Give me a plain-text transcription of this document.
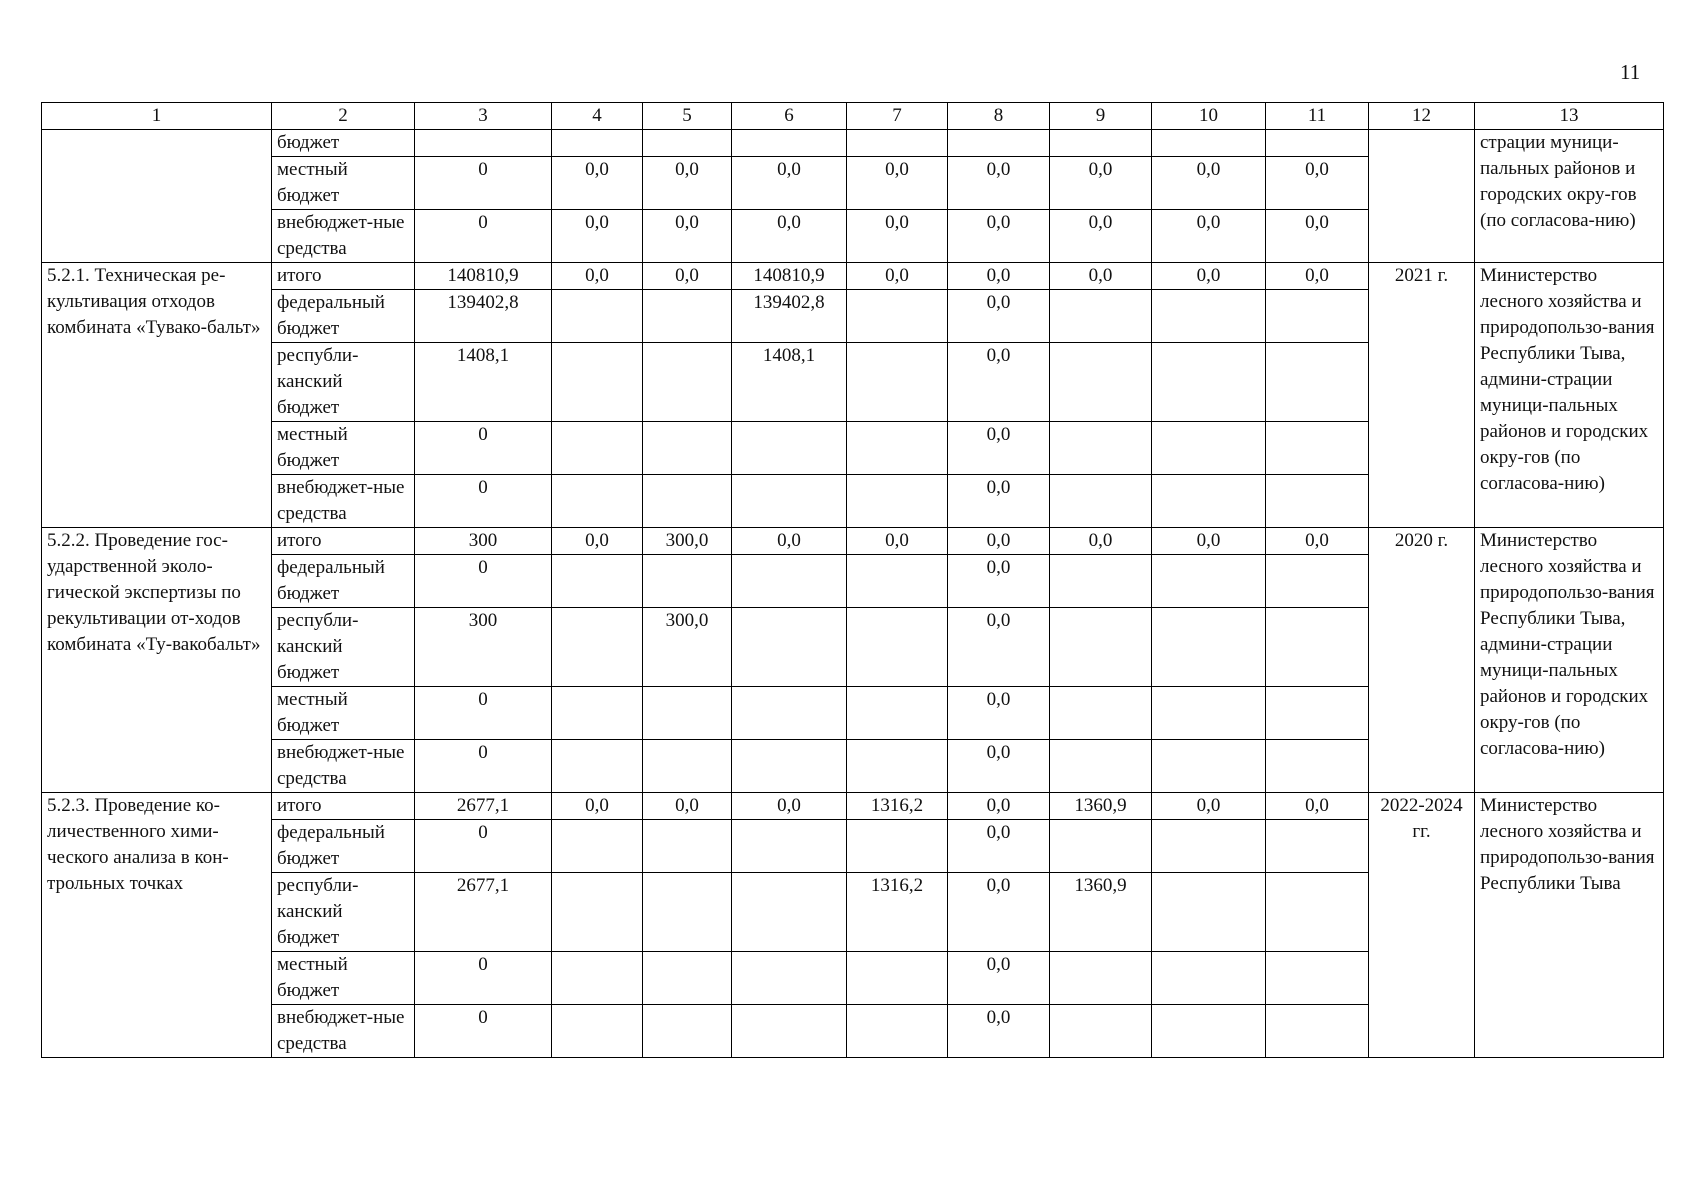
11
1	2	3	4	5	6	7	8	9	10	11	12	13
	бюджет											страции муници-пальных районов и городских окру-гов (по согласова-нию)
	местный бюджет	0	0,0	0,0	0,0	0,0	0,0	0,0	0,0	0,0		
	внебюджет-ные средства	0	0,0	0,0	0,0	0,0	0,0	0,0	0,0	0,0		
5.2.1. Техническая ре-культивация отходов комбината «Тувако-бальт»	итого	140810,9	0,0	0,0	140810,9	0,0	0,0	0,0	0,0	0,0	2021 г.	Министерство лесного хозяйства и природопользо-вания Республики Тыва, админи-страции муници-пальных районов и городских окру-гов (по согласова-нию)
	федеральный бюджет	139402,8			139402,8		0,0					
	республи-канский бюджет	1408,1			1408,1		0,0					
	местный бюджет	0					0,0					
	внебюджет-ные средства	0					0,0					
5.2.2. Проведение гос-ударственной эколо-гической экспертизы по рекультивации от-ходов комбината «Ту-вакобальт»	итого	300	0,0	300,0	0,0	0,0	0,0	0,0	0,0	0,0	2020 г.	Министерство лесного хозяйства и природопользо-вания Республики Тыва, админи-страции муници-пальных районов и городских окру-гов (по согласова-нию)
	федеральный бюджет	0					0,0					
	республи-канский бюджет	300		300,0			0,0					
	местный бюджет	0					0,0					
	внебюджет-ные средства	0					0,0					
5.2.3. Проведение ко-личественного хими-ческого анализа в кон-трольных точках	итого	2677,1	0,0	0,0	0,0	1316,2	0,0	1360,9	0,0	0,0	2022-2024 гг.	Министерство лесного хозяйства и природопользо-вания Республики Тыва
	федеральный бюджет	0					0,0					
	республи-канский бюджет	2677,1				1316,2	0,0	1360,9				
	местный бюджет	0					0,0					
	внебюджет-ные средства	0					0,0					
